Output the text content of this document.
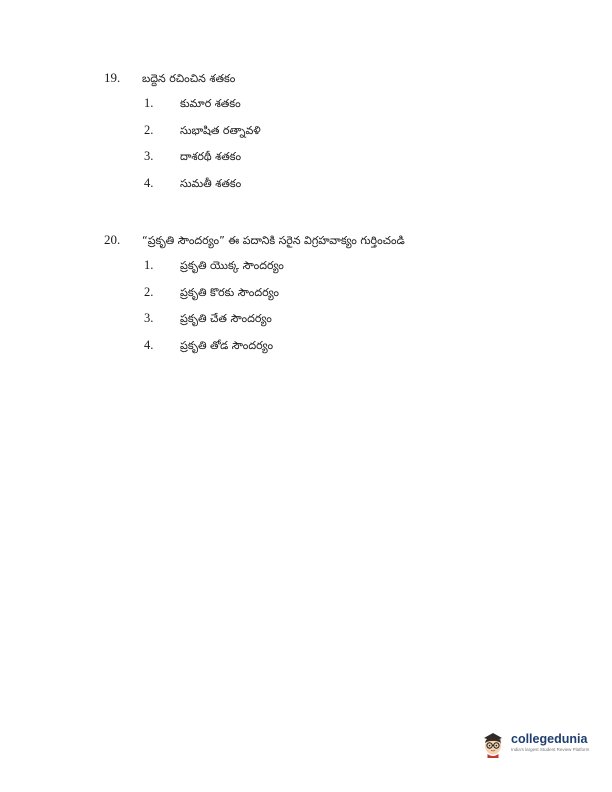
19.	బద్దెన రచించిన శతకం
1.	కుమార శతకం
2.	సుభాషిత రత్నావళి
3.	దాశరథీ శతకం
4.	సుమతీ శతకం
20.	“ప్రకృతి సౌందర్యం” ఈ పదానికి సరైన విగ్రహవాక్యం గుర్తించండి
1.	ప్రకృతి యొక్క సౌందర్యం
2.	ప్రకృతి కొరకు సౌందర్యం
3.	ప్రకృతి చేత సౌందర్యం
4.	ప్రకృతి తోడ సౌందర్యం
collegedunia
India's largest Student Review Platform
